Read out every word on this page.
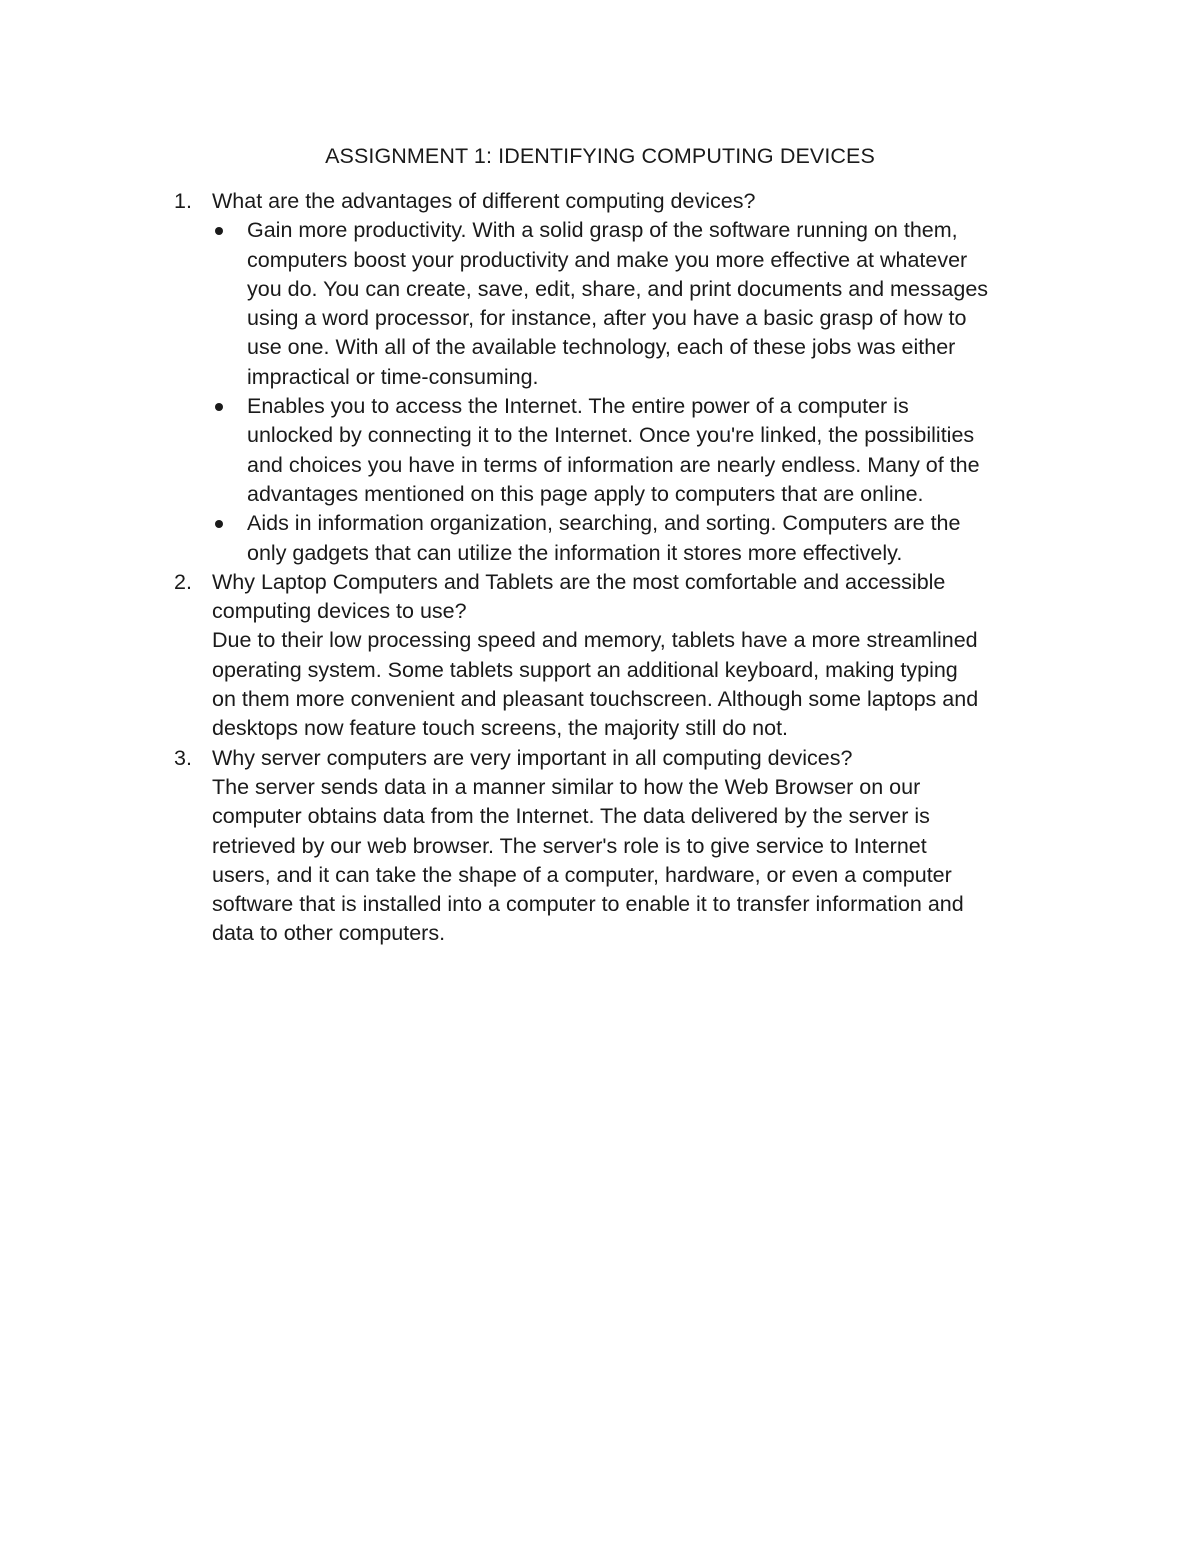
ASSIGNMENT 1: IDENTIFYING COMPUTING DEVICES
1. What are the advantages of different computing devices?
Gain more productivity. With a solid grasp of the software running on them,
computers boost your productivity and make you more effective at whatever
you do. You can create, save, edit, share, and print documents and messages
using a word processor, for instance, after you have a basic grasp of how to
use one. With all of the available technology, each of these jobs was either
impractical or time-consuming.
Enables you to access the Internet. The entire power of a computer is
unlocked by connecting it to the Internet. Once you're linked, the possibilities
and choices you have in terms of information are nearly endless. Many of the
advantages mentioned on this page apply to computers that are online.
Aids in information organization, searching, and sorting. Computers are the
only gadgets that can utilize the information it stores more effectively.
2. Why Laptop Computers and Tablets are the most comfortable and accessible
computing devices to use?
Due to their low processing speed and memory, tablets have a more streamlined
operating system. Some tablets support an additional keyboard, making typing
on them more convenient and pleasant touchscreen. Although some laptops and
desktops now feature touch screens, the majority still do not.
3. Why server computers are very important in all computing devices?
The server sends data in a manner similar to how the Web Browser on our
computer obtains data from the Internet. The data delivered by the server is
retrieved by our web browser. The server's role is to give service to Internet
users, and it can take the shape of a computer, hardware, or even a computer
software that is installed into a computer to enable it to transfer information and
data to other computers.
